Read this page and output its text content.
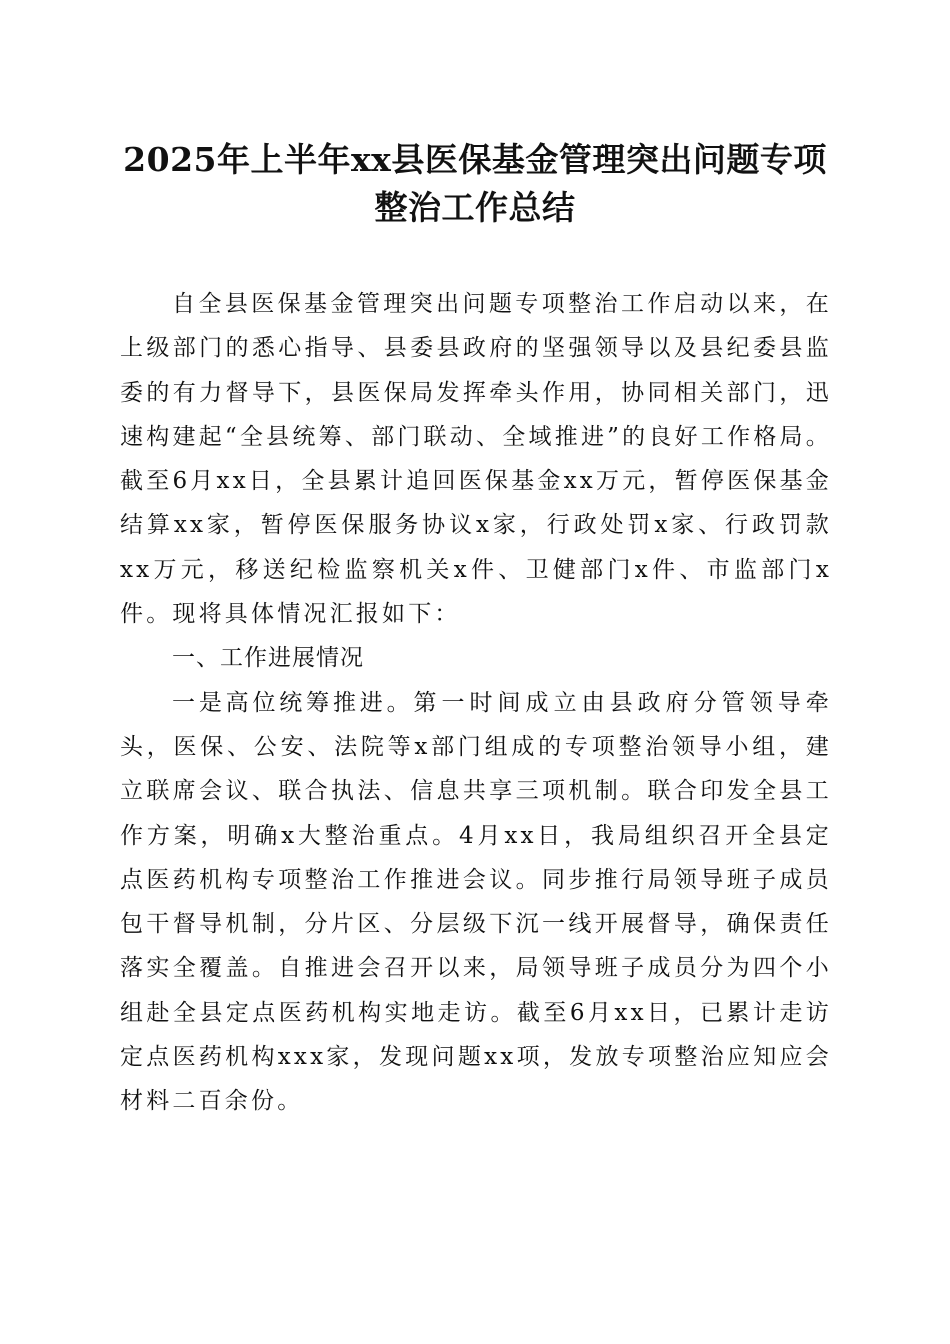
2025年上半年xx县医保基金管理突出问题专项整治工作总结

自全县医保基金管理突出问题专项整治工作启动以来，在上级部门的悉心指导、县委县政府的坚强领导以及县纪委县监委的有力督导下，县医保局发挥牵头作用，协同相关部门，迅速构建起“全县统筹、部门联动、全域推进”的良好工作格局。截至6月xx日，全县累计追回医保基金xx万元，暂停医保基金结算xx家，暂停医保服务协议x家，行政处罚x家、行政罚款xx万元，移送纪检监察机关x件、卫健部门x件、市监部门x件。现将具体情况汇报如下：

一、工作进展情况

一是高位统筹推进。第一时间成立由县政府分管领导牵头，医保、公安、法院等x部门组成的专项整治领导小组，建立联席会议、联合执法、信息共享三项机制。联合印发全县工作方案，明确x大整治重点。4月xx日，我局组织召开全县定点医药机构专项整治工作推进会议。同步推行局领导班子成员包干督导机制，分片区、分层级下沉一线开展督导，确保责任落实全覆盖。自推进会召开以来，局领导班子成员分为四个小组赴全县定点医药机构实地走访。截至6月xx日，已累计走访定点医药机构xxx家，发现问题xx项，发放专项整治应知应会材料二百余份。
